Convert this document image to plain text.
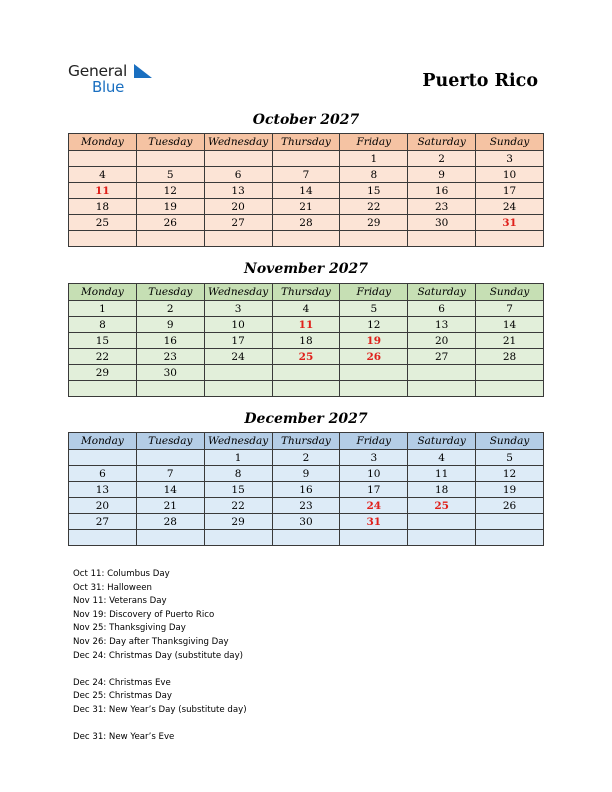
General
Blue	Puerto Rico
October 2027
Monday	Tuesday	Wednesday	Thursday	Friday	Saturday	Sunday
				1	2	3
4	5	6	7	8	9	10
11	12	13	14	15	16	17
18	19	20	21	22	23	24
25	26	27	28	29	30	31

November 2027
Monday	Tuesday	Wednesday	Thursday	Friday	Saturday	Sunday
1	2	3	4	5	6	7
8	9	10	11	12	13	14
15	16	17	18	19	20	21
22	23	24	25	26	27	28
29	30					

December 2027
Monday	Tuesday	Wednesday	Thursday	Friday	Saturday	Sunday
		1	2	3	4	5
6	7	8	9	10	11	12
13	14	15	16	17	18	19
20	21	22	23	24	25	26
27	28	29	30	31		

Oct 11: Columbus Day
Oct 31: Halloween
Nov 11: Veterans Day
Nov 19: Discovery of Puerto Rico
Nov 25: Thanksgiving Day
Nov 26: Day after Thanksgiving Day
Dec 24: Christmas Day (substitute day)
Dec 24: Christmas Eve
Dec 25: Christmas Day
Dec 31: New Year’s Day (substitute day)
Dec 31: New Year’s Eve
